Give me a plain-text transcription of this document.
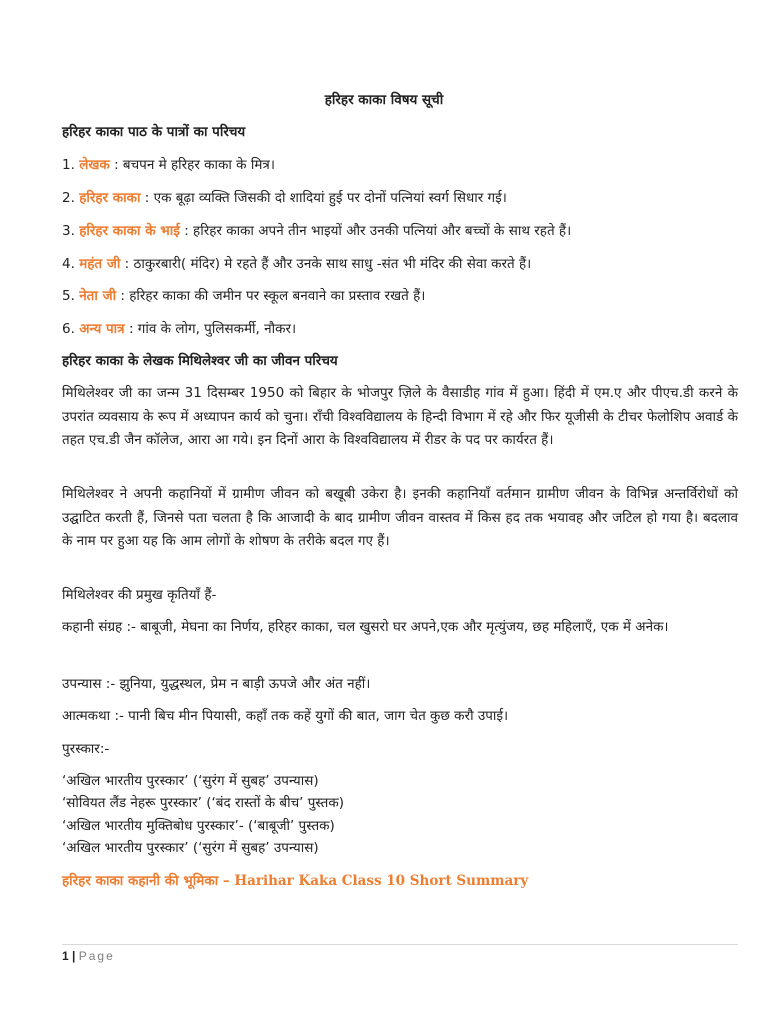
हरिहर काका विषय सूची
हरिहर काका पाठ के पात्रों का परिचय
1. लेखक : बचपन मे हरिहर काका के मित्र।
2. हरिहर काका : एक बूढ़ा व्यक्ति जिसकी दो शादियां हुई पर दोनों पत्नियां स्वर्ग सिधार गई।
3. हरिहर काका के भाई : हरिहर काका अपने तीन भाइयों और उनकी पत्नियां और बच्चों के साथ रहते हैं।
4. महंत जी : ठाकुरबारी( मंदिर) मे रहते हैं और उनके साथ साधु -संत भी मंदिर की सेवा करते हैं।
5. नेता जी : हरिहर काका की जमीन पर स्कूल बनवाने का प्रस्ताव रखते हैं।
6. अन्य पात्र : गांव के लोग, पुलिसकर्मी, नौकर।
हरिहर काका के लेखक मिथिलेश्वर जी का जीवन परिचय
मिथिलेश्वर जी का जन्म 31 दिसम्बर 1950 को बिहार के भोजपुर ज़िले के वैसाडीह गांव में हुआ। हिंदी में एम.ए और पीएच.डी करने के उपरांत व्यवसाय के रूप में अध्यापन कार्य को चुना। रॉंची विश्वविद्यालय के हिन्दी विभाग में रहे और फिर यूजीसी के टीचर फेलोशिप अवार्ड के तहत एच.डी जैन कॉलेज, आरा आ गये। इन दिनों आरा के विश्वविद्यालय में रीडर के पद पर कार्यरत हैं।
मिथिलेश्वर ने अपनी कहानियों में ग्रामीण जीवन को बखूबी उकेरा है। इनकी कहानियाँ वर्तमान ग्रामीण जीवन के विभिन्न अन्तर्विरोधों को उद्घाटित करती हैं, जिनसे पता चलता है कि आजादी के बाद ग्रामीण जीवन वास्तव में किस हद तक भयावह और जटिल हो गया है। बदलाव के नाम पर हुआ यह कि आम लोगों के शोषण के तरीके बदल गए हैं।
मिथिलेश्वर की प्रमुख कृतियाँ हैं-
कहानी संग्रह :- बाबूजी, मेघना का निर्णय, हरिहर काका, चल खुसरो घर अपने,एक और मृत्युंजय, छह महिलाएँ, एक में अनेक।
उपन्यास :- झुनिया, युद्धस्थल, प्रेम न बाड़ी ऊपजे और अंत नहीं।
आत्मकथा :- पानी बिच मीन पियासी, कहाँ तक कहें युगों की बात, जाग चेत कुछ करौ उपाई।
पुरस्कार:-
‘अखिल भारतीय पुरस्कार’ (‘सुरंग में सुबह’ उपन्यास)
‘सोवियत लैंड नेहरू पुरस्कार’ (‘बंद रास्तों के बीच’ पुस्तक)
‘अखिल भारतीय मुक्तिबोध पुरस्कार’- (‘बाबूजी’ पुस्तक)
‘अखिल भारतीय पुरस्कार’ (‘सुरंग में सुबह’ उपन्यास)
हरिहर काका कहानी की भूमिका – Harihar Kaka Class 10 Short Summary
1 | Page
